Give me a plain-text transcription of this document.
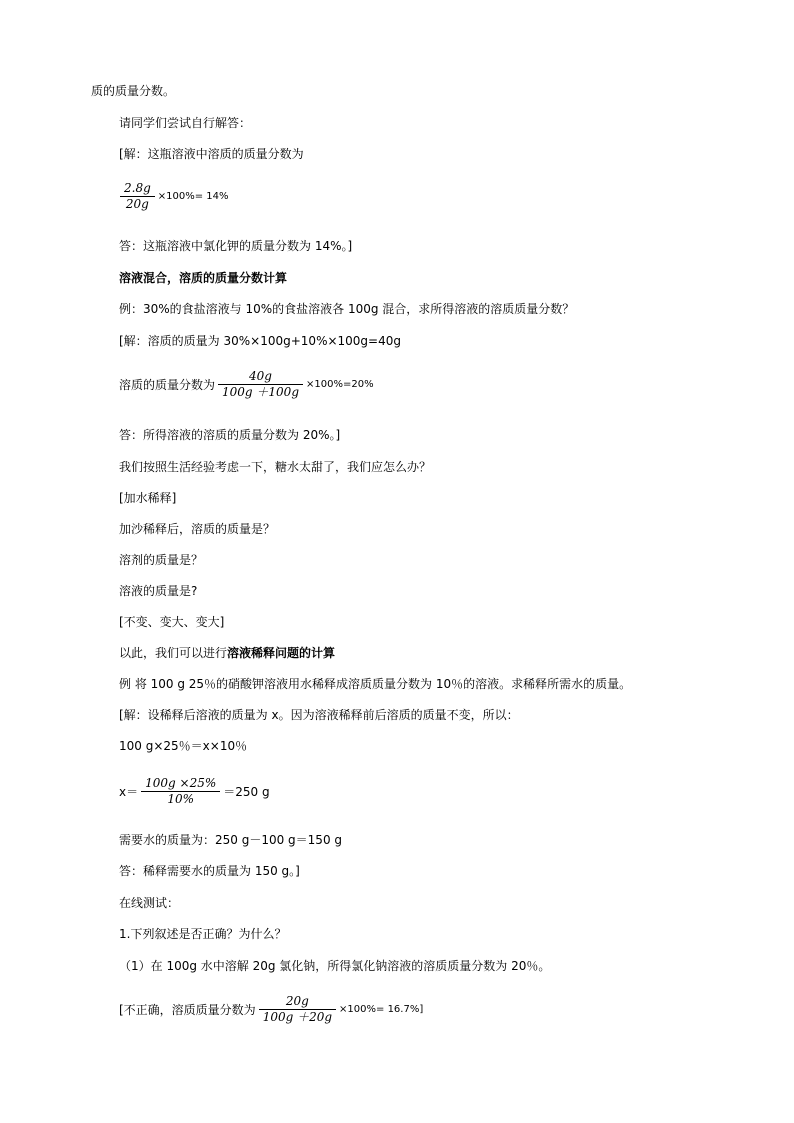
质的质量分数。
请同学们尝试自行解答：
[解：这瓶溶液中溶质的质量分数为
$\frac{2.8g}{20g} \times 100\%= 14\%$
答：这瓶溶液中氯化钾的质量分数为 14%。]
溶液混合，溶质的质量分数计算
例：30%的食盐溶液与 10%的食盐溶液各 100g 混合，求所得溶液的溶质质量分数？
[解：溶质的质量为 30%×100g+10%×100g=40g
溶质的质量分数为 $\frac{40g}{100g +100g} \times 100\%=20\%$
答：所得溶液的溶质的质量分数为 20%。]
我们按照生活经验考虑一下，糖水太甜了，我们应怎么办？
[加水稀释]
加沙稀释后，溶质的质量是？
溶剂的质量是？
溶液的质量是?
[不变、变大、变大]
以此，我们可以进行溶液稀释问题的计算
例 将 100 g 25％的硝酸钾溶液用水稀释成溶质质量分数为 10％的溶液。求稀释所需水的质量。
[解：设稀释后溶液的质量为 x。因为溶液稀释前后溶质的质量不变，所以：
100 g×25％＝x×10％
$x= \frac{100g \times 25\%}{10\%} =250$ g
需要水的质量为：250 g－100 g＝150 g
答：稀释需要水的质量为 150 g。]
在线测试：
1.下列叙述是否正确？为什么？
（1）在 100g 水中溶解 20g 氯化钠，所得氯化钠溶液的溶质质量分数为 20％。
[不正确，溶质质量分数为 $\frac{20g}{100g +20g} \times 100\%= 16.7\%$]
